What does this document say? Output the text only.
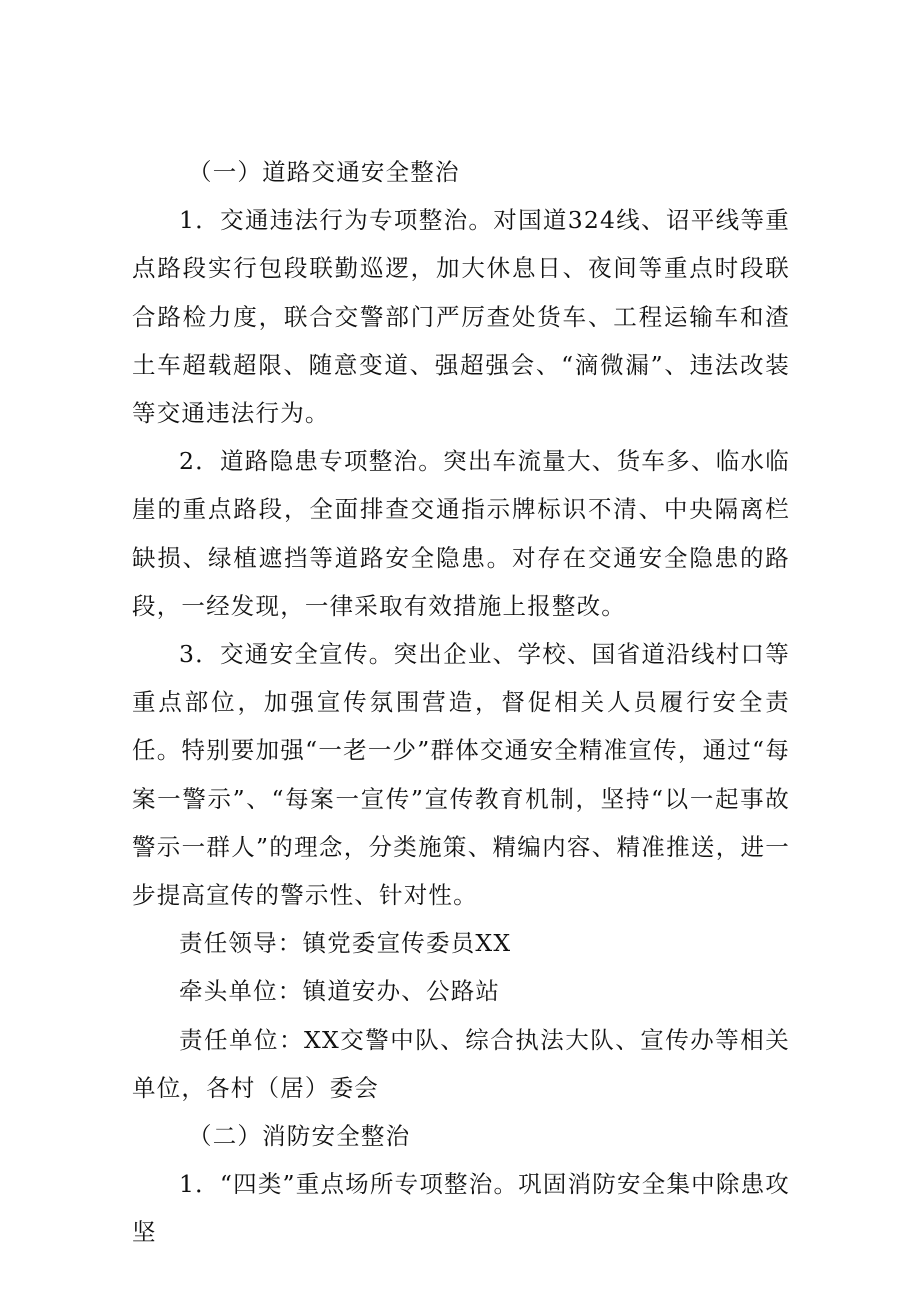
（一）道路交通安全整治

1．交通违法行为专项整治。对国道324线、诏平线等重点路段实行包段联勤巡逻，加大休息日、夜间等重点时段联合路检力度，联合交警部门严厉查处货车、工程运输车和渣土车超载超限、随意变道、强超强会、“滴微漏”、违法改装等交通违法行为。

2．道路隐患专项整治。突出车流量大、货车多、临水临崖的重点路段，全面排查交通指示牌标识不清、中央隔离栏缺损、绿植遮挡等道路安全隐患。对存在交通安全隐患的路段，一经发现，一律采取有效措施上报整改。

3．交通安全宣传。突出企业、学校、国省道沿线村口等重点部位，加强宣传氛围营造，督促相关人员履行安全责任。特别要加强“一老一少”群体交通安全精准宣传，通过“每案一警示”、“每案一宣传”宣传教育机制，坚持“以一起事故警示一群人”的理念，分类施策、精编内容、精准推送，进一步提高宣传的警示性、针对性。

责任领导：镇党委宣传委员XX

牵头单位：镇道安办、公路站

责任单位：XX交警中队、综合执法大队、宣传办等相关单位，各村（居）委会

（二）消防安全整治

1．“四类”重点场所专项整治。巩固消防安全集中除患攻坚
